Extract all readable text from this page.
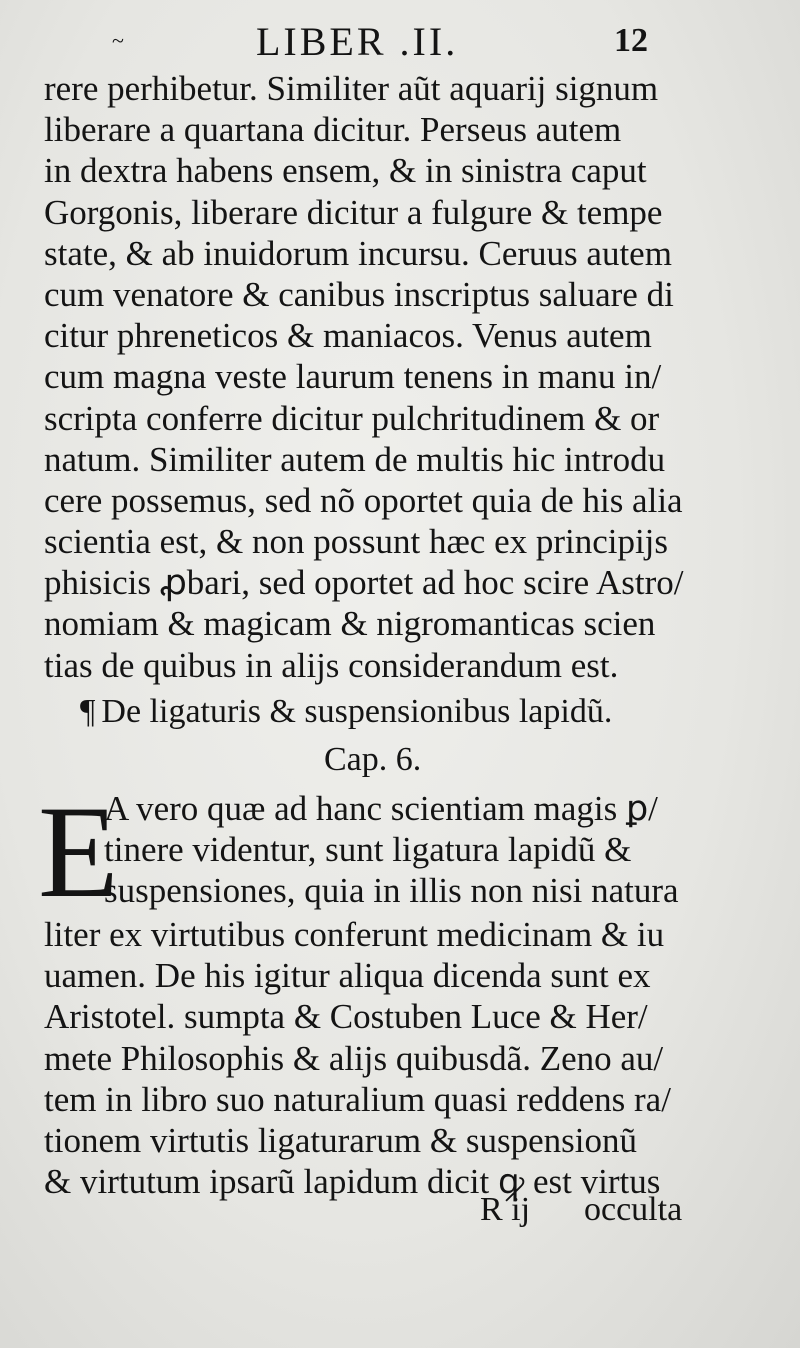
~	LIBER .II.	12
rere perhibetur. Similiter aũt aquarĳ signum
liberare a quartana dicitur. Perseus autem
in dextra habens ensem, & in sinistra caput
Gorgonis, liberare dicitur a fulgure & tempe
state, & ab inuidorum incursu. Ceruus autem
cum venatore & canibus inscriptus saluare di
citur phreneticos & maniacos. Venus autem
cum magna veste laurum tenens in manu in/
scripta conferre dicitur pulchritudinem & or
natum. Similiter autem de multis hic introdu
cere possemus, sed nõ oportet quia de his alia
scientia est, & non possunt hæc ex principĳs
phisicis ꝓbari, sed oportet ad hoc scire Astro/
nomiam & magicam & nigromanticas scien
tias de quibus in alĳs considerandum est.
¶ De ligaturis & suspensionibus lapidũ.
Cap. 6.
E
A vero quæ ad hanc scientiam magis ꝑ/
tinere videntur, sunt ligatura lapidũ &
suspensiones, quia in illis non nisi natura
liter ex virtutibus conferunt medicinam & iu
uamen. De his igitur aliqua dicenda sunt ex
Aristotel. sumpta & Costuben Luce & Her/
mete Philosophis & alĳs quibusdã. Zeno au/
tem in libro suo naturalium quasi reddens ra/
tionem virtutis ligaturarum & suspensionũ
& virtutum ipsarũ lapidum dicit ꝙ est virtus
R ij occulta
